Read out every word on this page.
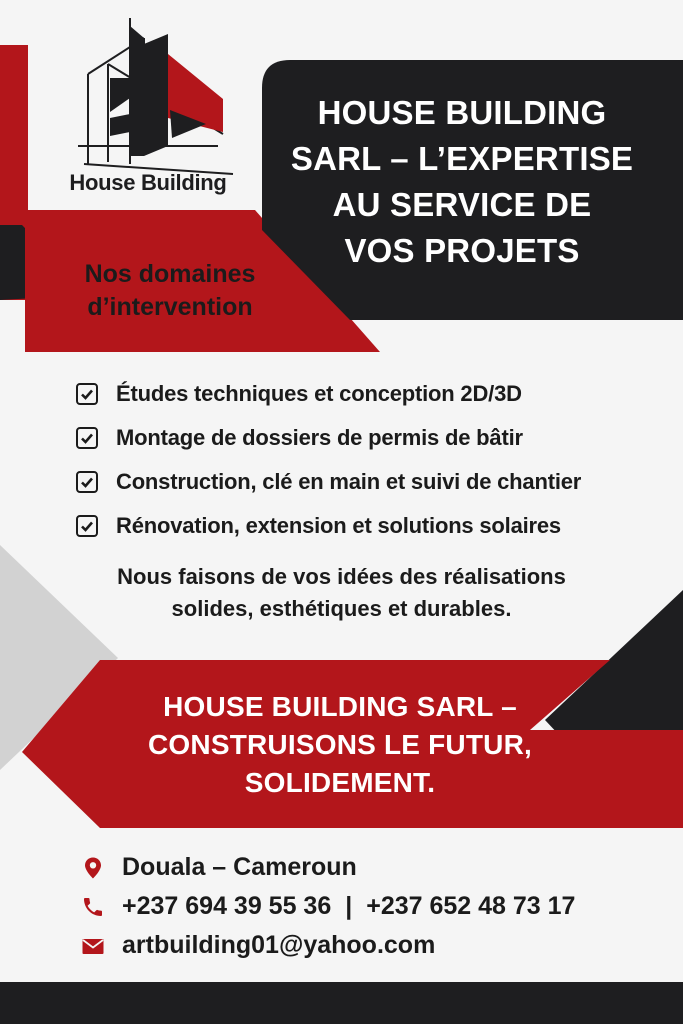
House Building
HOUSE BUILDING
SARL – L’EXPERTISE
AU SERVICE DE
VOS PROJETS
Nos domaines
d’intervention
Études techniques et conception 2D/3D
Montage de dossiers de permis de bâtir
Construction, clé en main et suivi de chantier
Rénovation, extension et solutions solaires
Nous faisons de vos idées des réalisations
solides, esthétiques et durables.
HOUSE BUILDING SARL –
CONSTRUISONS LE FUTUR,
SOLIDEMENT.
Douala – Cameroun
+237 694 39 55 36 | +237 652 48 73 17
artbuilding01@yahoo.com
